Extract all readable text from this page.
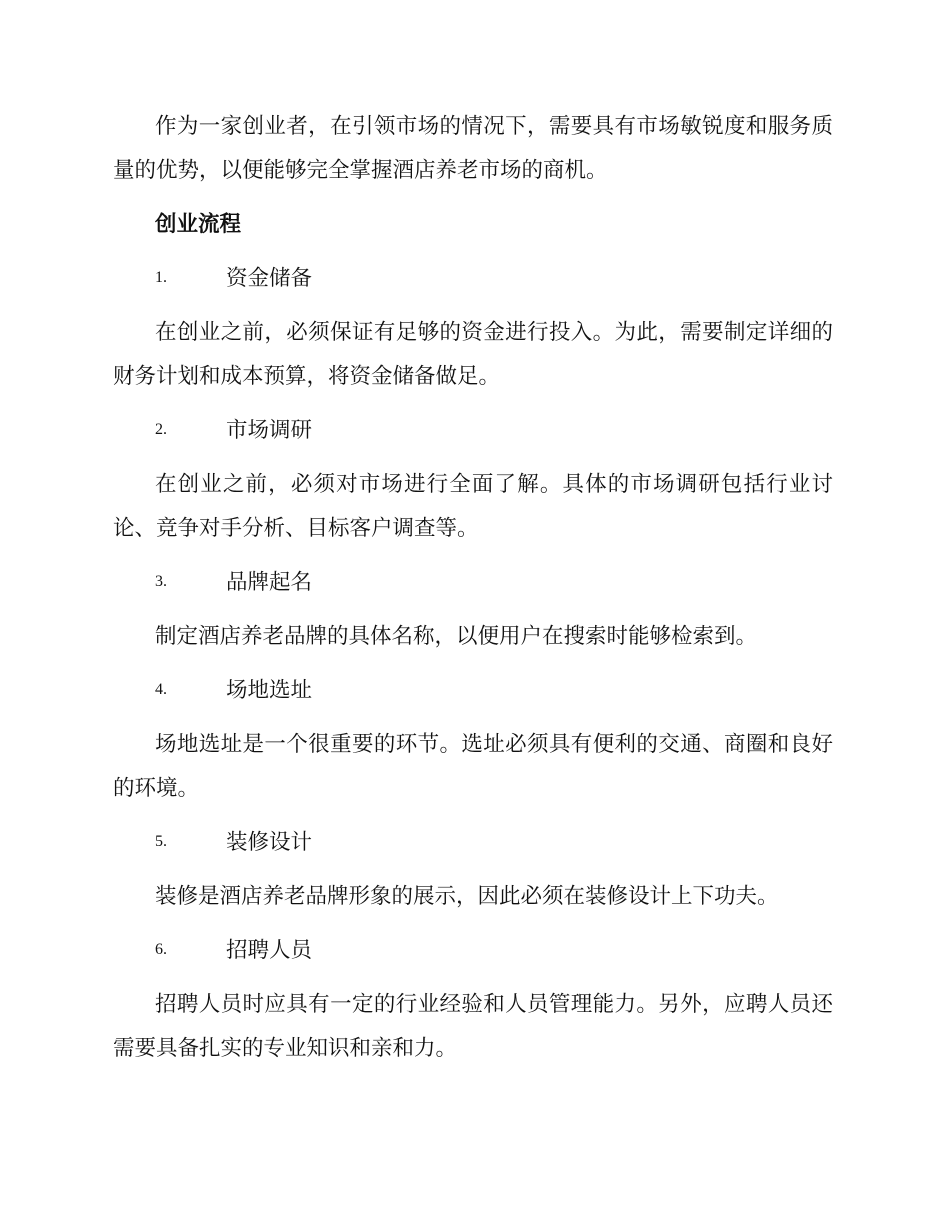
作为一家创业者，在引领市场的情况下，需要具有市场敏锐度和服务质量的优势，以便能够完全掌握酒店养老市场的商机。

创业流程

1.	资金储备

在创业之前，必须保证有足够的资金进行投入。为此，需要制定详细的财务计划和成本预算，将资金储备做足。

2.	市场调研

在创业之前，必须对市场进行全面了解。具体的市场调研包括行业讨论、竞争对手分析、目标客户调查等。

3.	品牌起名

制定酒店养老品牌的具体名称，以便用户在搜索时能够检索到。

4.	场地选址

场地选址是一个很重要的环节。选址必须具有便利的交通、商圈和良好的环境。

5.	装修设计

装修是酒店养老品牌形象的展示，因此必须在装修设计上下功夫。

6.	招聘人员

招聘人员时应具有一定的行业经验和人员管理能力。另外，应聘人员还需要具备扎实的专业知识和亲和力。
